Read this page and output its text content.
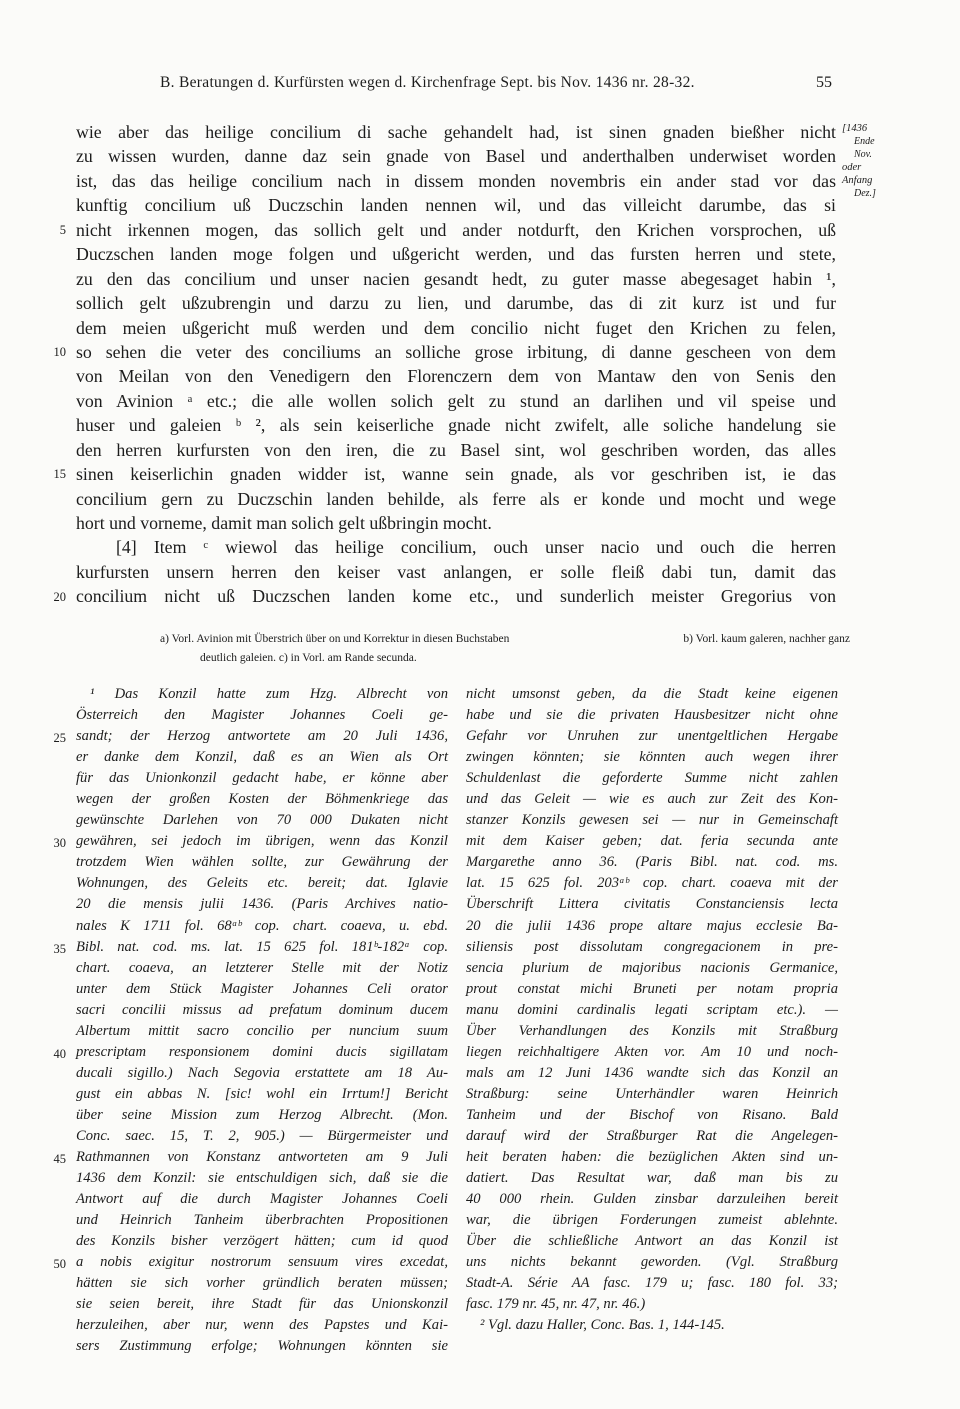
B. Beratungen d. Kurfürsten wegen d. Kirchenfrage Sept. bis Nov. 1436 nr. 28-32.	55
[1436
Ende
Nov.
oder
Anfang
Dez.]
wie aber das heilige concilium di sache gehandelt had, ist sinen gnaden bießher nicht
zu wissen wurden, danne daz sein gnade von Basel und anderthalben underwiset worden
ist, das das heilige concilium nach in dissem monden novembris ein ander stad vor das
kunftig concilium uß Duczschin landen nennen wil, und das villeicht darumbe, das si
nicht irkennen mogen, das sollich gelt und ander notdurft, den Krichen vorsprochen, uß
Duczschen landen moge folgen und ußgericht werden, und das fursten herren und stete,
zu den das concilium und unser nacien gesandt hedt, zu guter masse abegesaget habin ¹,
sollich gelt ußzubrengin und darzu zu lien, und darumbe, das di zit kurz ist und fur
dem meien ußgericht muß werden und dem concilio nicht fuget den Krichen zu felen,
so sehen die veter des conciliums an solliche grose irbitung, di danne gescheen von dem
von Meilan von den Venedigern den Florenczern dem von Mantaw den von Senis den
von Avinion ᵃ etc.; die alle wollen solich gelt zu stund an darlihen und vil speise und
huser und galeien ᵇ ², als sein keiserliche gnade nicht zwifelt, alle soliche handelung sie
den herren kurfursten von den iren, die zu Basel sint, wol geschriben worden, das alles
sinen keiserlichin gnaden widder ist, wanne sein gnade, als vor geschriben ist, ie das
concilium gern zu Duczschin landen behilde, als ferre als er konde und mocht und wege
hort und vorneme, damit man solich gelt ußbringin mocht.
[4] Item ᶜ wiewol das heilige concilium, ouch unser nacio und ouch die herren
kurfursten unsern herren den keiser vast anlangen, er solle fleiß dabi tun, damit das
concilium nicht uß Duczschen landen kome etc., und sunderlich meister Gregorius von
5
10
15
20
a) Vorl. Avinion mit Überstrich über on und Korrektur in diesen Buchstaben	b) Vorl. kaum galeren, nachher ganz
deutlich galeien. c) in Vorl. am Rande secunda.
¹ Das Konzil hatte zum Hzg. Albrecht von
Österreich den Magister Johannes Coeli ge-
sandt; der Herzog antwortete am 20 Juli 1436,
er danke dem Konzil, daß es an Wien als Ort
für das Unionkonzil gedacht habe, er könne aber
wegen der großen Kosten der Böhmenkriege das
gewünschte Darlehen von 70 000 Dukaten nicht
gewähren, sei jedoch im übrigen, wenn das Konzil
trotzdem Wien wählen sollte, zur Gewährung der
Wohnungen, des Geleits etc. bereit; dat. Iglavie
20 die mensis julii 1436. (Paris Archives natio-
nales K 1711 fol. 68ᵃᵇ cop. chart. coaeva, u. ebd.
Bibl. nat. cod. ms. lat. 15 625 fol. 181ᵇ-182ᵃ cop.
chart. coaeva, an letzterer Stelle mit der Notiz
unter dem Stück Magister Johannes Celi orator
sacri concilii missus ad prefatum dominum ducem
Albertum mittit sacro concilio per nuncium suum
prescriptam responsionem domini ducis sigillatam
ducali sigillo.) Nach Segovia erstattete am 18 Au-
gust ein abbas N. [sic! wohl ein Irrtum!] Bericht
über seine Mission zum Herzog Albrecht. (Mon.
Conc. saec. 15, T. 2, 905.) — Bürgermeister und
Rathmannen von Konstanz antworteten am 9 Juli
1436 dem Konzil: sie entschuldigen sich, daß sie die
Antwort auf die durch Magister Johannes Coeli
und Heinrich Tanheim überbrachten Propositionen
des Konzils bisher verzögert hätten; cum id quod
a nobis exigitur nostrorum sensuum vires excedat,
hätten sie sich vorher gründlich beraten müssen;
sie seien bereit, ihre Stadt für das Unionskonzil
herzuleihen, aber nur, wenn des Papstes und Kai-
sers Zustimmung erfolge; Wohnungen könnten sie
25
30
35
40
45
50
nicht umsonst geben, da die Stadt keine eigenen
habe und sie die privaten Hausbesitzer nicht ohne
Gefahr vor Unruhen zur unentgeltlichen Hergabe
zwingen könnten; sie könnten auch wegen ihrer
Schuldenlast die geforderte Summe nicht zahlen
und das Geleit — wie es auch zur Zeit des Kon-
stanzer Konzils gewesen sei — nur in Gemeinschaft
mit dem Kaiser geben; dat. feria secunda ante
Margarethe anno 36. (Paris Bibl. nat. cod. ms.
lat. 15 625 fol. 203ᵃᵇ cop. chart. coaeva mit der
Überschrift Littera civitatis Constanciensis lecta
20 die julii 1436 prope altare majus ecclesie Ba-
siliensis post dissolutam congregacionem in pre-
sencia plurium de majoribus nacionis Germanice,
prout constat michi Bruneti per notam propria
manu domini cardinalis legati scriptam etc.). —
Über Verhandlungen des Konzils mit Straßburg
liegen reichhaltigere Akten vor. Am 10 und noch-
mals am 12 Juni 1436 wandte sich das Konzil an
Straßburg: seine Unterhändler waren Heinrich
Tanheim und der Bischof von Risano. Bald
darauf wird der Straßburger Rat die Angelegen-
heit beraten haben: die bezüglichen Akten sind un-
datiert. Das Resultat war, daß man bis zu
40 000 rhein. Gulden zinsbar darzuleihen bereit
war, die übrigen Forderungen zumeist ablehnte.
Über die schließliche Antwort an das Konzil ist
uns nichts bekannt geworden. (Vgl. Straßburg
Stadt-A. Série AA fasc. 179 u; fasc. 180 fol. 33;
fasc. 179 nr. 45, nr. 47, nr. 46.)
² Vgl. dazu Haller, Conc. Bas. 1, 144-145.
